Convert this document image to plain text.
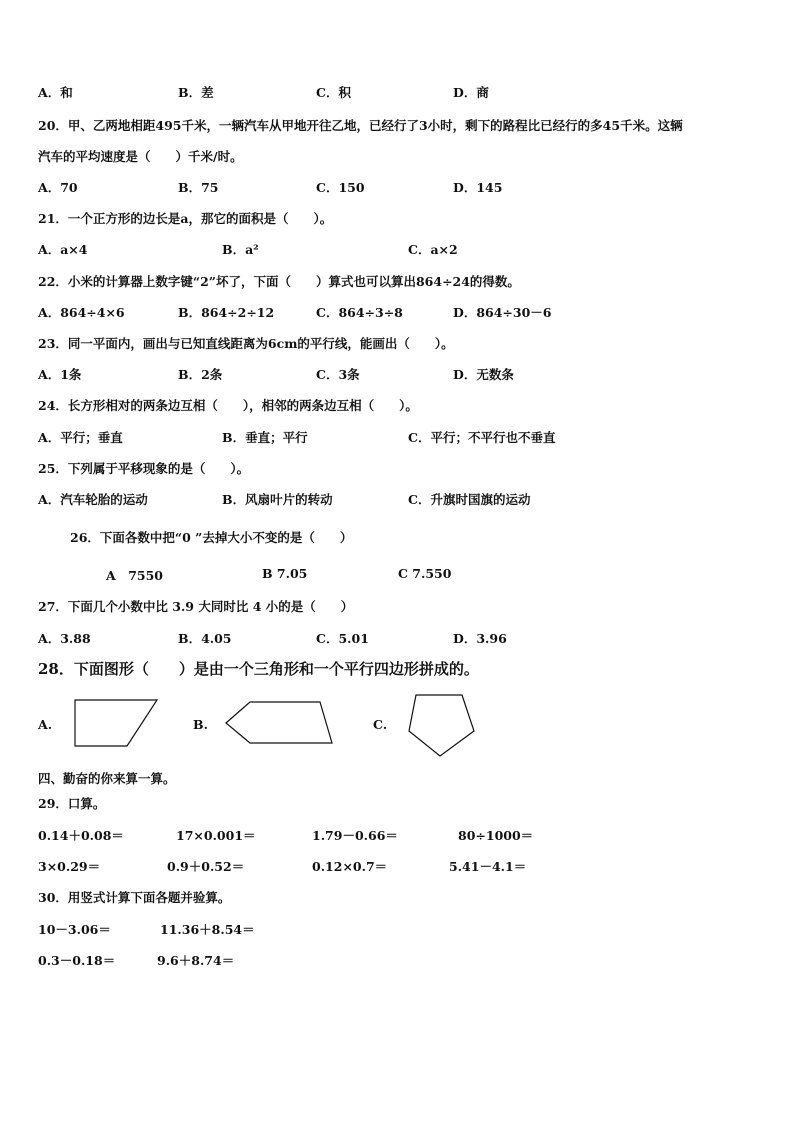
A．和	B．差	C．积	D．商
20．甲、乙两地相距495千米，一辆汽车从甲地开往乙地，已经行了3小时，剩下的路程比已经行的多45千米。这辆
汽车的平均速度是（　　）千米/时。
A．70	B．75	C．150	D．145
21．一个正方形的边长是a，那它的面积是（　　）。
A．a×4	B．a²	C．a×2
22．小米的计算器上数字键“2”坏了，下面（　　）算式也可以算出864÷24的得数。
A．864÷4×6	B．864÷2÷12	C．864÷3÷8	D．864÷30－6
23．同一平面内，画出与已知直线距离为6cm的平行线，能画出（　　）。
A．1条	B．2条	C．3条	D．无数条
24．长方形相对的两条边互相（　　），相邻的两条边互相（　　）。
A．平行；垂直	B．垂直；平行	C．平行；不平行也不垂直
25．下列属于平移现象的是（　　）。
A．汽车轮胎的运动	B．风扇叶片的转动	C．升旗时国旗的运动
26．下面各数中把“0 ”去掉大小不变的是（　　）
A　7550	B 7.05	C 7.550
27．下面几个小数中比 3.9 大同时比 4 小的是（　　）
A．3.88	B．4.05	C．5.01	D．3.96
28．下面图形（　　）是由一个三角形和一个平行四边形拼成的。
A.	B.	C.
四、勤奋的你来算一算。
29．口算。
0.14＋0.08＝	17×0.001＝	1.79－0.66＝	80÷1000＝
3×0.29＝	0.9＋0.52＝	0.12×0.7＝	5.41－4.1＝
30．用竖式计算下面各题并验算。
10－3.06＝	11.36＋8.54＝
0.3－0.18＝	9.6＋8.74＝
